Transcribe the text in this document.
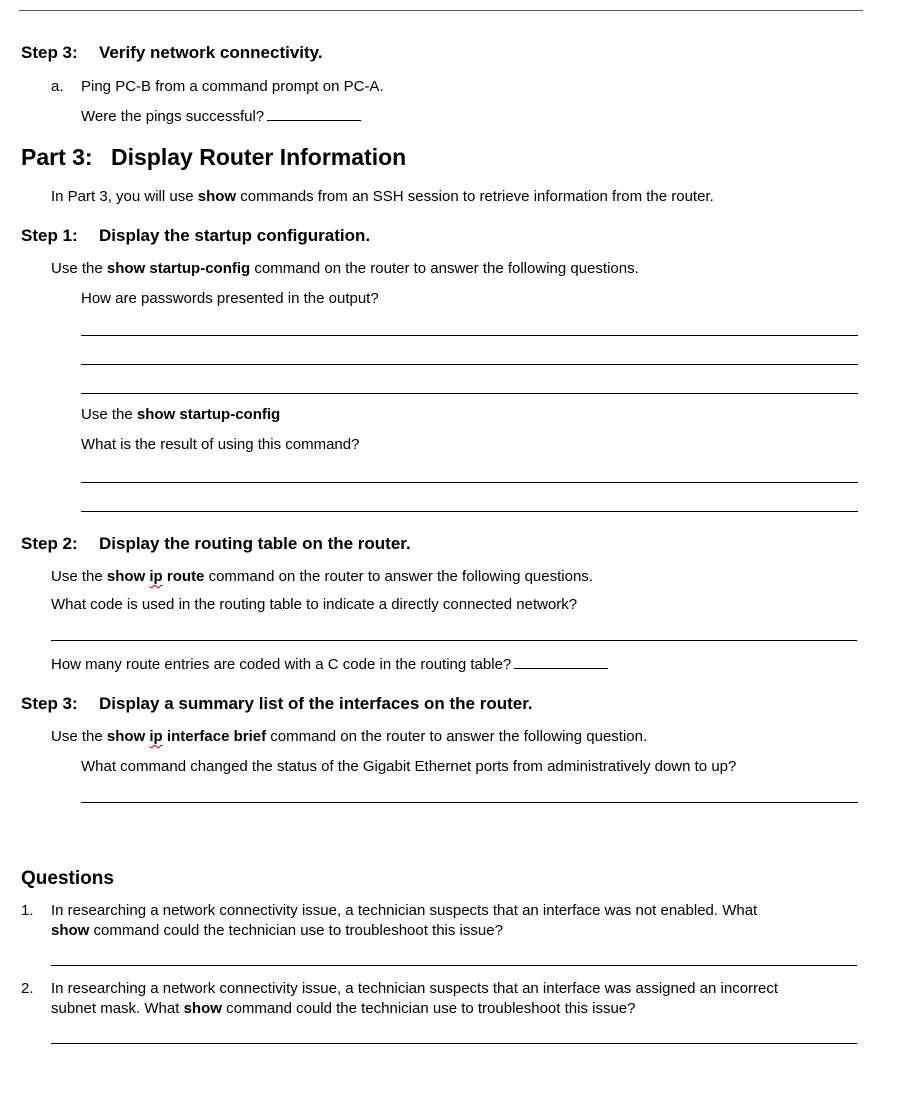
Step 3: Verify network connectivity.
a. Ping PC-B from a command prompt on PC-A.
Were the pings successful?
Part 3: Display Router Information
In Part 3, you will use show commands from an SSH session to retrieve information from the router.
Step 1: Display the startup configuration.
Use the show startup-config command on the router to answer the following questions.
How are passwords presented in the output?
Use the show startup-config
What is the result of using this command?
Step 2: Display the routing table on the router.
Use the show ip route command on the router to answer the following questions.
What code is used in the routing table to indicate a directly connected network?
How many route entries are coded with a C code in the routing table?
Step 3: Display a summary list of the interfaces on the router.
Use the show ip interface brief command on the router to answer the following question.
What command changed the status of the Gigabit Ethernet ports from administratively down to up?
Questions
1. In researching a network connectivity issue, a technician suspects that an interface was not enabled. What
show command could the technician use to troubleshoot this issue?
2. In researching a network connectivity issue, a technician suspects that an interface was assigned an incorrect
subnet mask. What show command could the technician use to troubleshoot this issue?
